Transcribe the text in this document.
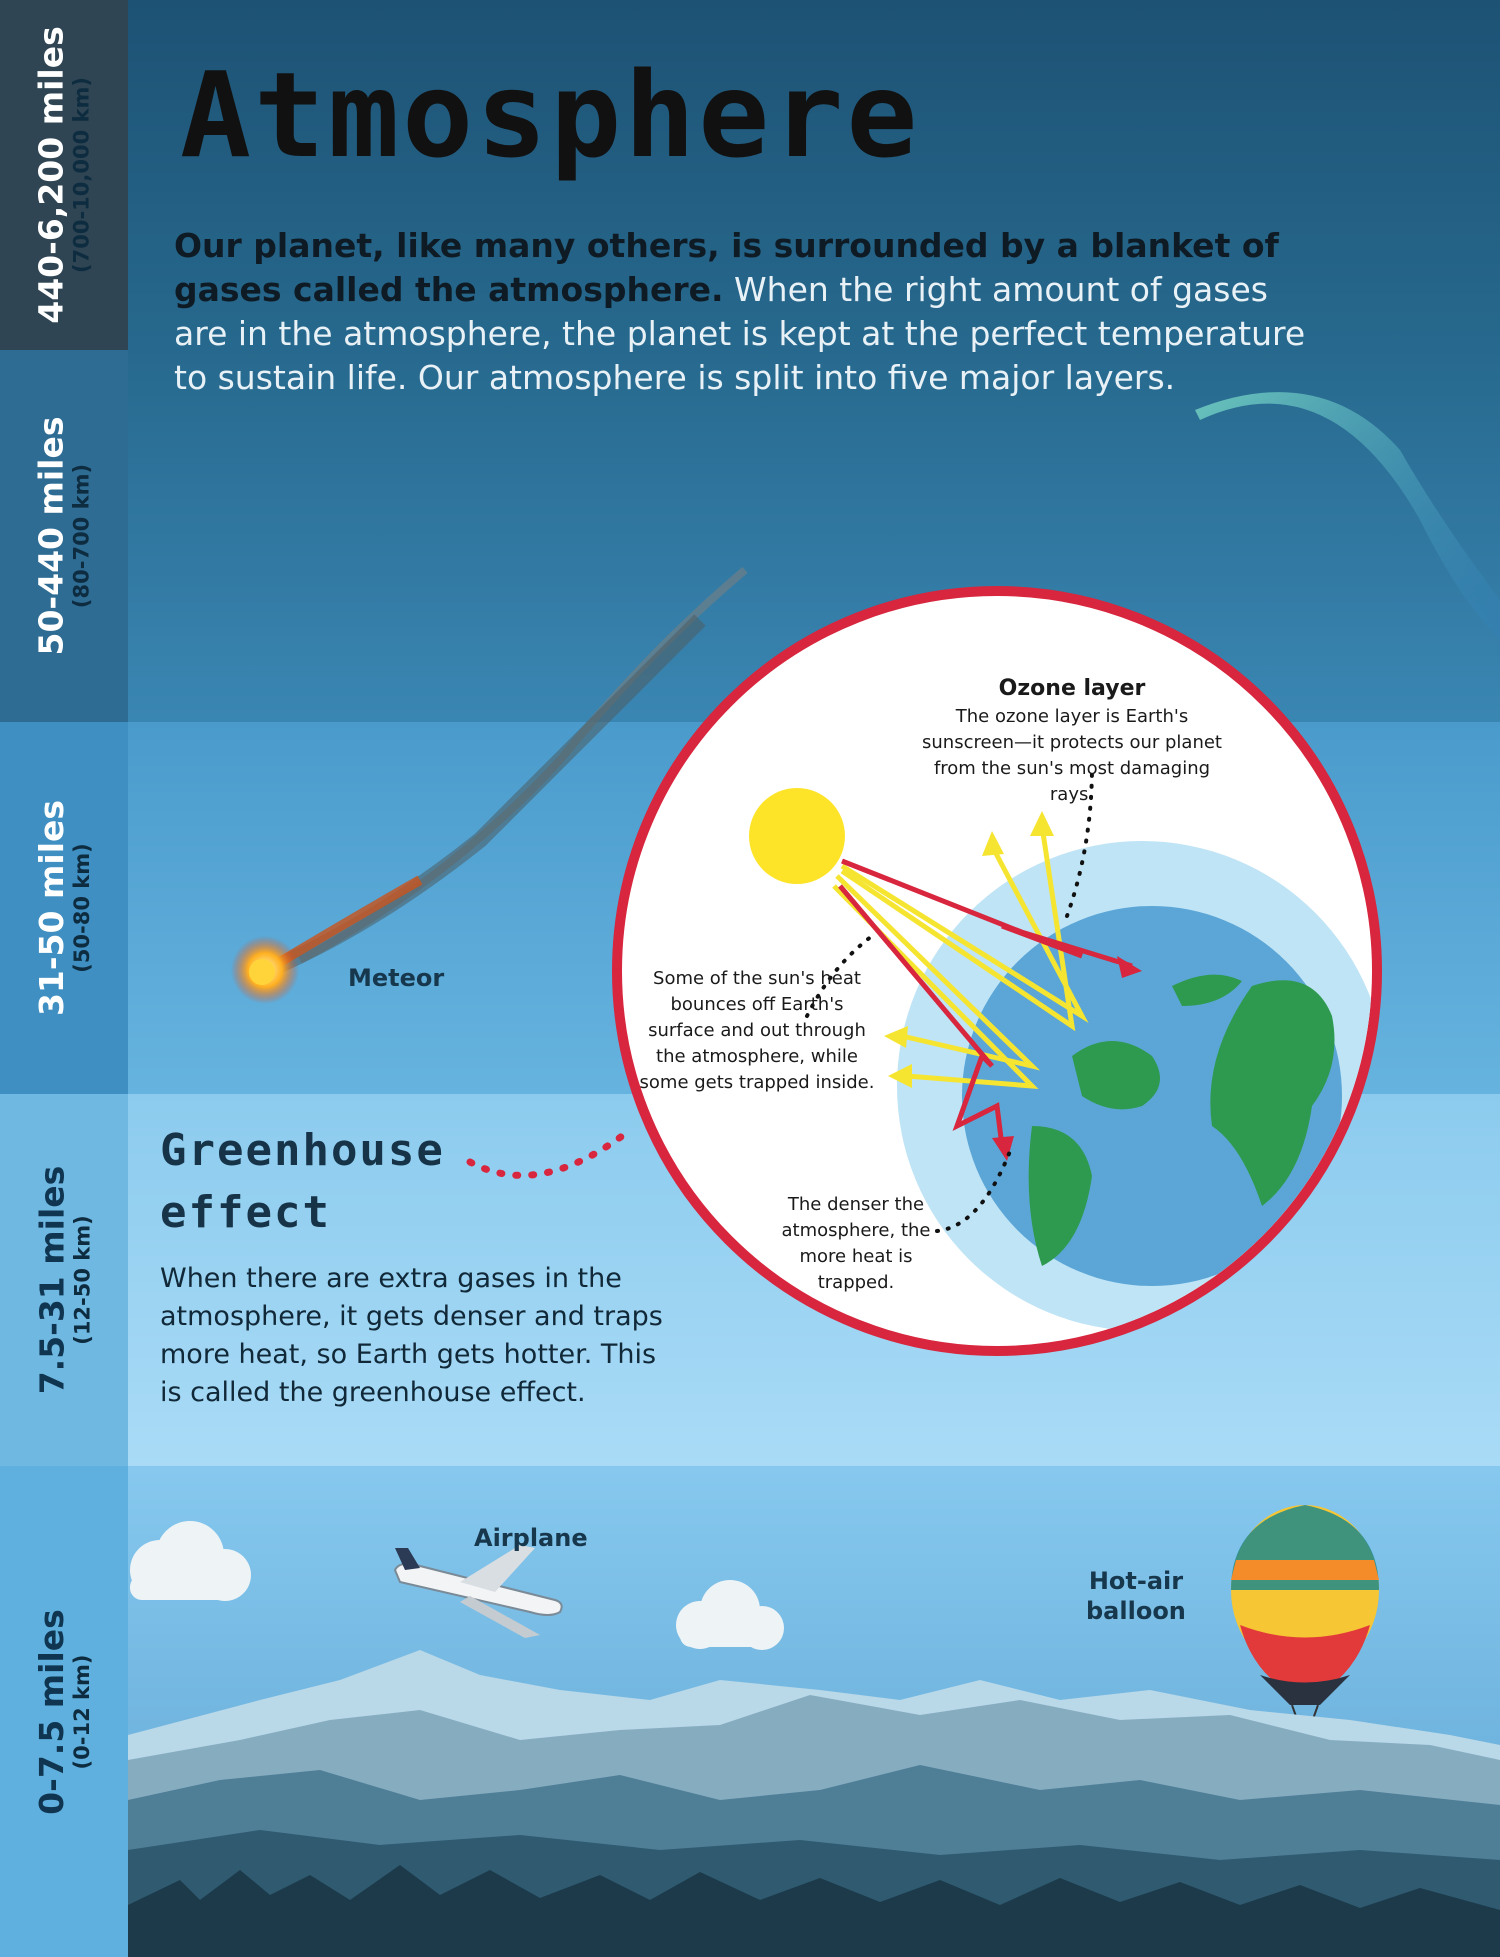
440-6,200 miles (700-10,000 km)
50-440 miles (80-700 km)
31-50 miles (50-80 km)
7.5-31 miles (12-50 km)
0-7.5 miles (0-12 km)
Atmosphere

Our planet, like many others, is surrounded by a blanket of gases called the atmosphere. When the right amount of gases are in the atmosphere, the planet is kept at the perfect temperature to sustain life. Our atmosphere is split into five major layers.

Meteor
Greenhouse
effect

When there are extra gases in the atmosphere, it gets denser and traps more heat, so Earth gets hotter. This is called the greenhouse effect.

Ozone layer
The ozone layer is Earth's sunscreen—it protects our planet from the sun's most damaging rays.

Some of the sun's heat bounces off Earth's surface and out through the atmosphere, while some gets trapped inside.

The denser the atmosphere, the more heat is trapped.

Airplane
Hot-air
balloon
